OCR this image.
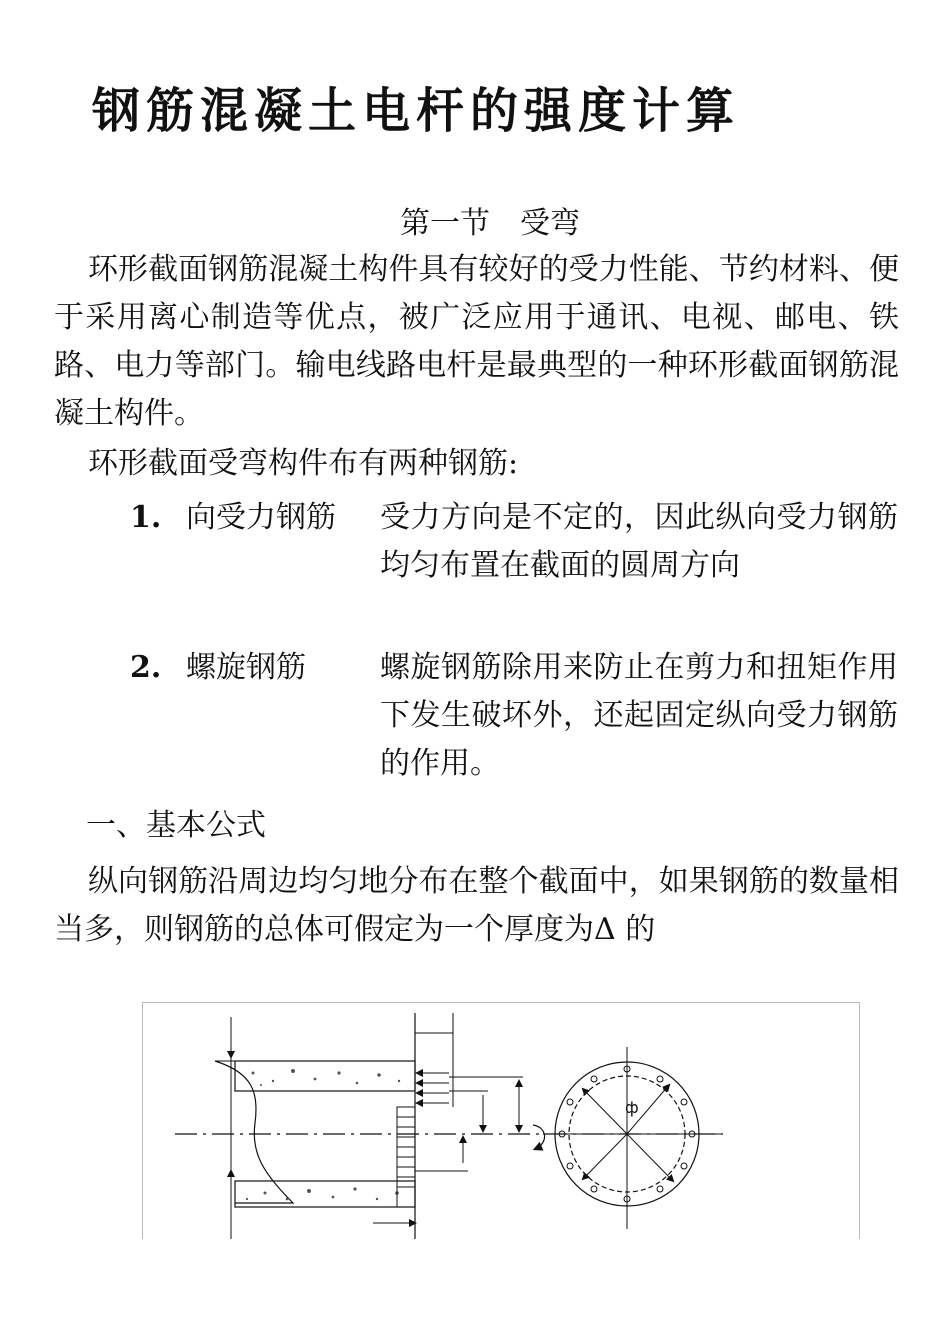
钢筋混凝土电杆的强度计算
第一节　受弯

环形截面钢筋混凝土构件具有较好的受力性能、节约材料、便于采用离心制造等优点，被广泛应用于通讯、电视、邮电、铁路、电力等部门。输电线路电杆是最典型的一种环形截面钢筋混凝土构件。

环形截面受弯构件布有两种钢筋:

1. 向受力钢筋 受力方向是不定的，因此纵向受力钢筋均匀布置在截面的圆周方向
2. 螺旋钢筋 螺旋钢筋除用来防止在剪力和扭矩作用下发生破坏外，还起固定纵向受力钢筋的作用。
一、基本公式

纵向钢筋沿周边均匀地分布在整个截面中，如果钢筋的数量相当多，则钢筋的总体可假定为一个厚度为Δ 的

ф
